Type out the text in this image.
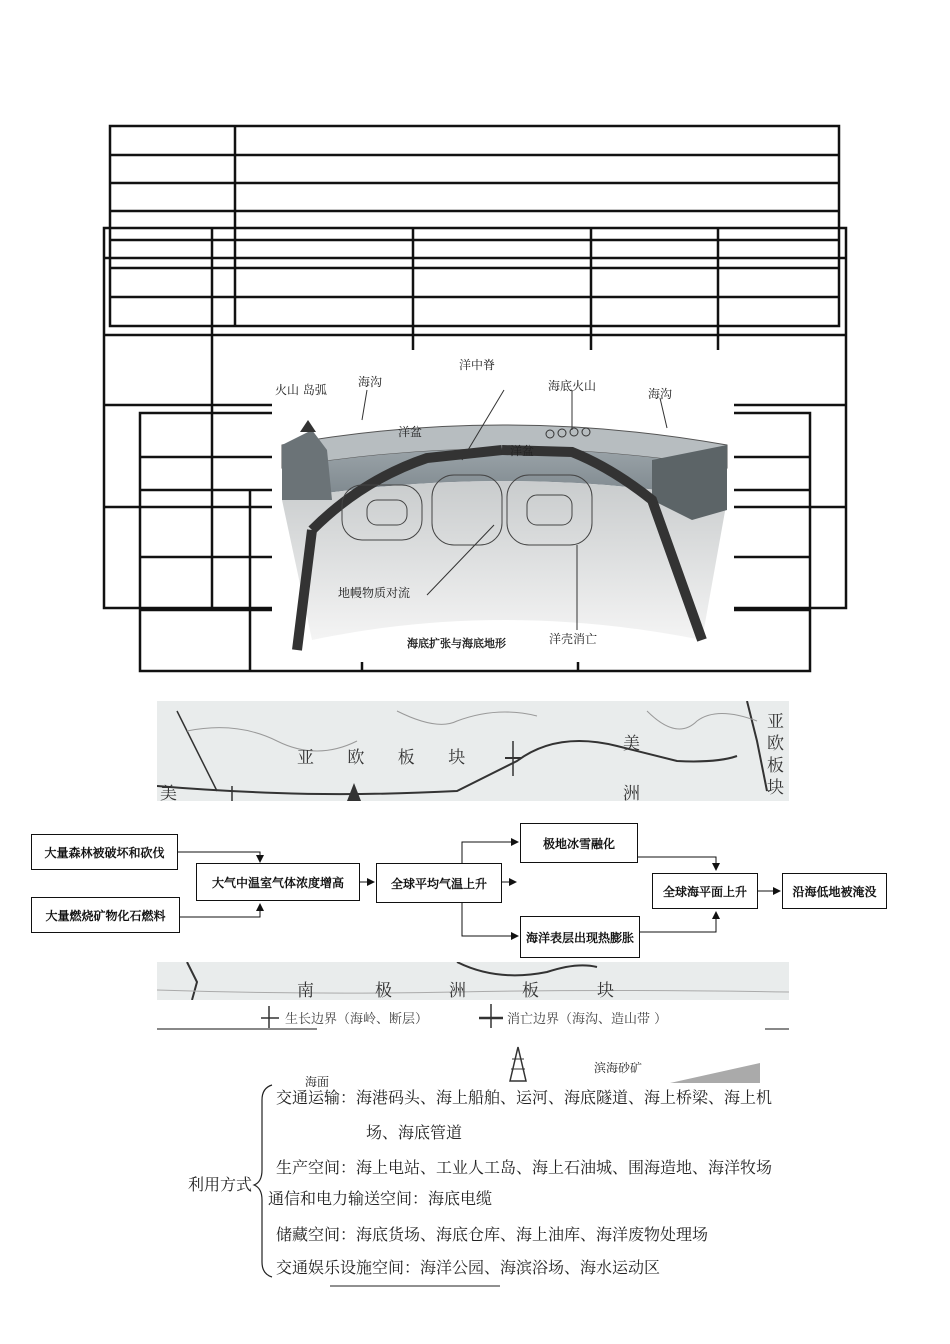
火山 岛弧
海沟
洋中脊
海底火山
海沟
洋盆
洋盆
地幔物质对流
洋壳消亡
海底扩张与海底地形
亚 欧 板 块
美
美
洲
亚
欧
板
块
大量森林被破坏和砍伐
大量燃烧矿物化石燃料
大气中温室气体浓度增高	全球平均气温上升
极地冰雪融化
海洋表层出现热膨胀
全球海平面上升	沿海低地被淹没
南	极	洲	板	块
生长边界（海岭、断层）	消亡边界（海沟、造山带 ）
海面
滨海砂矿
利用方式
交通运输：海港码头、海上船舶、运河、海底隧道、海上桥梁、海上机
场、海底管道
生产空间：海上电站、工业人工岛、海上石油城、围海造地、海洋牧场
通信和电力输送空间：海底电缆
储藏空间：海底货场、海底仓库、海上油库、海洋废物处理场
交通娱乐设施空间：海洋公园、海滨浴场、海水运动区
